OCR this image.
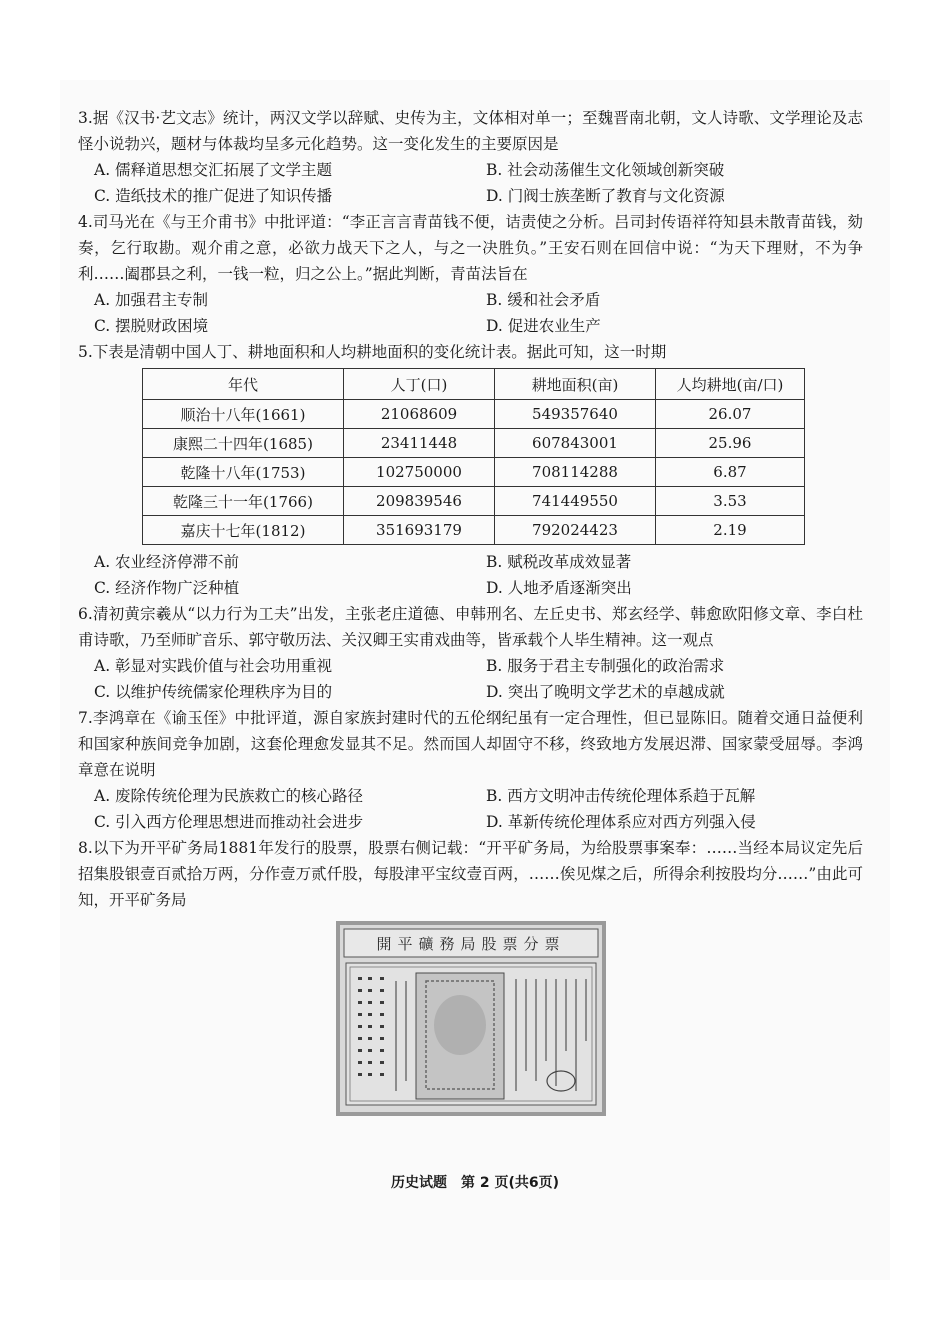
3.据《汉书·艺文志》统计，两汉文学以辞赋、史传为主，文体相对单一；至魏晋南北朝，文人诗歌、文学理论及志怪小说勃兴，题材与体裁均呈多元化趋势。这一变化发生的主要原因是

A. 儒释道思想交汇拓展了文学主题	B. 社会动荡催生文化领域创新突破
C. 造纸技术的推广促进了知识传播	D. 门阀士族垄断了教育与文化资源

4.司马光在《与王介甫书》中批评道：“李正言言青苗钱不便，诘责使之分析。吕司封传语祥符知县未散青苗钱，劾奏，乞行取勘。观介甫之意，必欲力战天下之人，与之一决胜负。”王安石则在回信中说：“为天下理财，不为争利……阖郡县之利，一钱一粒，归之公上。”据此判断，青苗法旨在

A. 加强君主专制	B. 缓和社会矛盾
C. 摆脱财政困境	D. 促进农业生产

5.下表是清朝中国人丁、耕地面积和人均耕地面积的变化统计表。据此可知，这一时期

年代	人丁(口)	耕地面积(亩)	人均耕地(亩/口)
顺治十八年(1661)	21068609	549357640	26.07
康熙二十四年(1685)	23411448	607843001	25.96
乾隆十八年(1753)	102750000	708114288	6.87
乾隆三十一年(1766)	209839546	741449550	3.53
嘉庆十七年(1812)	351693179	792024423	2.19
A. 农业经济停滞不前	B. 赋税改革成效显著
C. 经济作物广泛种植	D. 人地矛盾逐渐突出

6.清初黄宗羲从“以力行为工夫”出发，主张老庄道德、申韩刑名、左丘史书、郑玄经学、韩愈欧阳修文章、李白杜甫诗歌，乃至师旷音乐、郭守敬历法、关汉卿王实甫戏曲等，皆承载个人毕生精神。这一观点

A. 彰显对实践价值与社会功用重视	B. 服务于君主专制强化的政治需求
C. 以维护传统儒家伦理秩序为目的	D. 突出了晚明文学艺术的卓越成就

7.李鸿章在《谕玉侄》中批评道，源自家族封建时代的五伦纲纪虽有一定合理性，但已显陈旧。随着交通日益便利和国家种族间竞争加剧，这套伦理愈发显其不足。然而国人却固守不移，终致地方发展迟滞、国家蒙受屈辱。李鸿章意在说明

A. 废除传统伦理为民族救亡的核心路径	B. 西方文明冲击传统伦理体系趋于瓦解
C. 引入西方伦理思想进而推动社会进步	D. 革新传统伦理体系应对西方列强入侵

8.以下为开平矿务局1881年发行的股票，股票右侧记载：“开平矿务局，为给股票事案奉：……当经本局议定先后招集股银壹百贰拾万两，分作壹万贰仟股，每股津平宝纹壹百两，……俟见煤之后，所得余利按股均分……”由此可知，开平矿务局

開平礦務局股票分票
历史试题　第 2 页(共6页)
